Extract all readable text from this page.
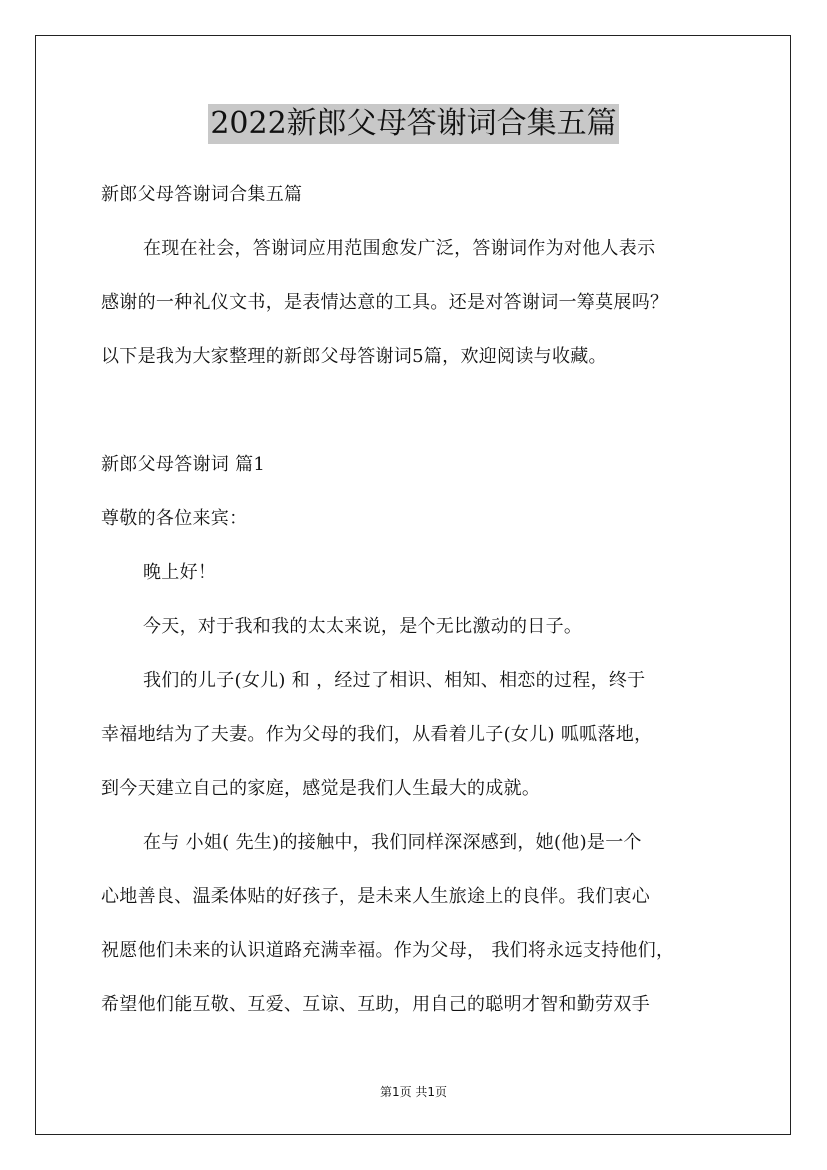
2022新郎父母答谢词合集五篇
新郎父母答谢词合集五篇
在现在社会，答谢词应用范围愈发广泛，答谢词作为对他人表示
感谢的一种礼仪文书，是表情达意的工具。还是对答谢词一筹莫展吗？
以下是我为大家整理的新郎父母答谢词5篇，欢迎阅读与收藏。
新郎父母答谢词 篇1
尊敬的各位来宾：
晚上好！
今天，对于我和我的太太来说，是个无比激动的日子。
我们的儿子(女儿) 和 ，经过了相识、相知、相恋的过程，终于
幸福地结为了夫妻。作为父母的我们，从看着儿子(女儿) 呱呱落地，
到今天建立自己的家庭，感觉是我们人生最大的成就。
在与 小姐( 先生)的接触中，我们同样深深感到，她(他)是一个
心地善良、温柔体贴的好孩子，是未来人生旅途上的良伴。我们衷心
祝愿他们未来的认识道路充满幸福。作为父母， 我们将永远支持他们，
希望他们能互敬、互爱、互谅、互助，用自己的聪明才智和勤劳双手
第1页 共1页
